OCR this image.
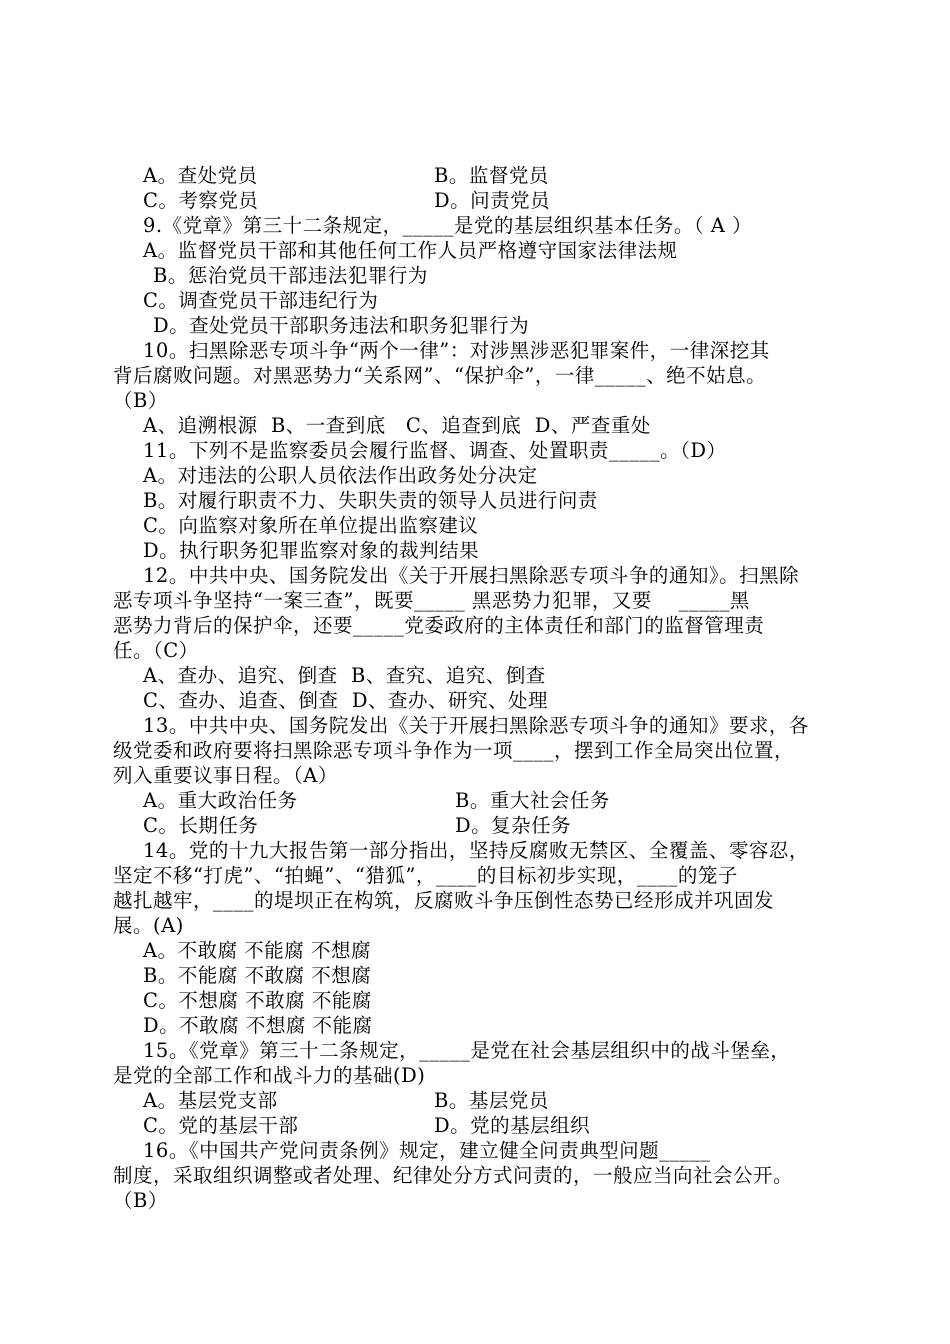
A。查处党员	B。监督党员
C。考察党员	D。问责党员
9.《党章》第三十二条规定，_____是党的基层组织基本任务。（ A ）
A。监督党员干部和其他任何工作人员严格遵守国家法律法规
B。惩治党员干部违法犯罪行为
C。调查党员干部违纪行为
D。查处党员干部职务违法和职务犯罪行为
10。扫黑除恶专项斗争“两个一律”：对涉黑涉恶犯罪案件，一律深挖其
背后腐败问题。对黑恶势力“关系网”、“保护伞”，一律_____、绝不姑息。
（B）
A、追溯根源  B、一查到底   C、追查到底  D、严查重处
11。下列不是监察委员会履行监督、调查、处置职责_____。（D）
A。对违法的公职人员依法作出政务处分决定
B。对履行职责不力、失职失责的领导人员进行问责
C。向监察对象所在单位提出监察建议
D。执行职务犯罪监察对象的裁判结果
12。中共中央、国务院发出《关于开展扫黑除恶专项斗争的通知》。扫黑除
恶专项斗争坚持“一案三查”，既要_____ 黑恶势力犯罪，又要    _____黑
恶势力背后的保护伞，还要_____党委政府的主体责任和部门的监督管理责
任。（C）
A、查办、追究、倒查  B、查究、追究、倒查
C、查办、追查、倒查  D、查办、研究、处理
13。中共中央、国务院发出《关于开展扫黑除恶专项斗争的通知》要求，各
级党委和政府要将扫黑除恶专项斗争作为一项____，摆到工作全局突出位置，
列入重要议事日程。（A）
A。重大政治任务	B。重大社会任务
C。长期任务	D。复杂任务
14。党的十九大报告第一部分指出，坚持反腐败无禁区、全覆盖、零容忍，
坚定不移“打虎”、“拍蝇”、“猎狐”，____的目标初步实现，____的笼子
越扎越牢，____的堤坝正在构筑，反腐败斗争压倒性态势已经形成并巩固发
展。(A)
A。不敢腐 不能腐 不想腐
B。不能腐 不敢腐 不想腐
C。不想腐 不敢腐 不能腐
D。不敢腐 不想腐 不能腐
15。《党章》第三十二条规定，_____是党在社会基层组织中的战斗堡垒，
是党的全部工作和战斗力的基础(D)
A。基层党支部	B。基层党员
C。党的基层干部	D。党的基层组织
16。《中国共产党问责条例》规定，建立健全问责典型问题_____
制度，采取组织调整或者处理、纪律处分方式问责的，一般应当向社会公开。
（B）
